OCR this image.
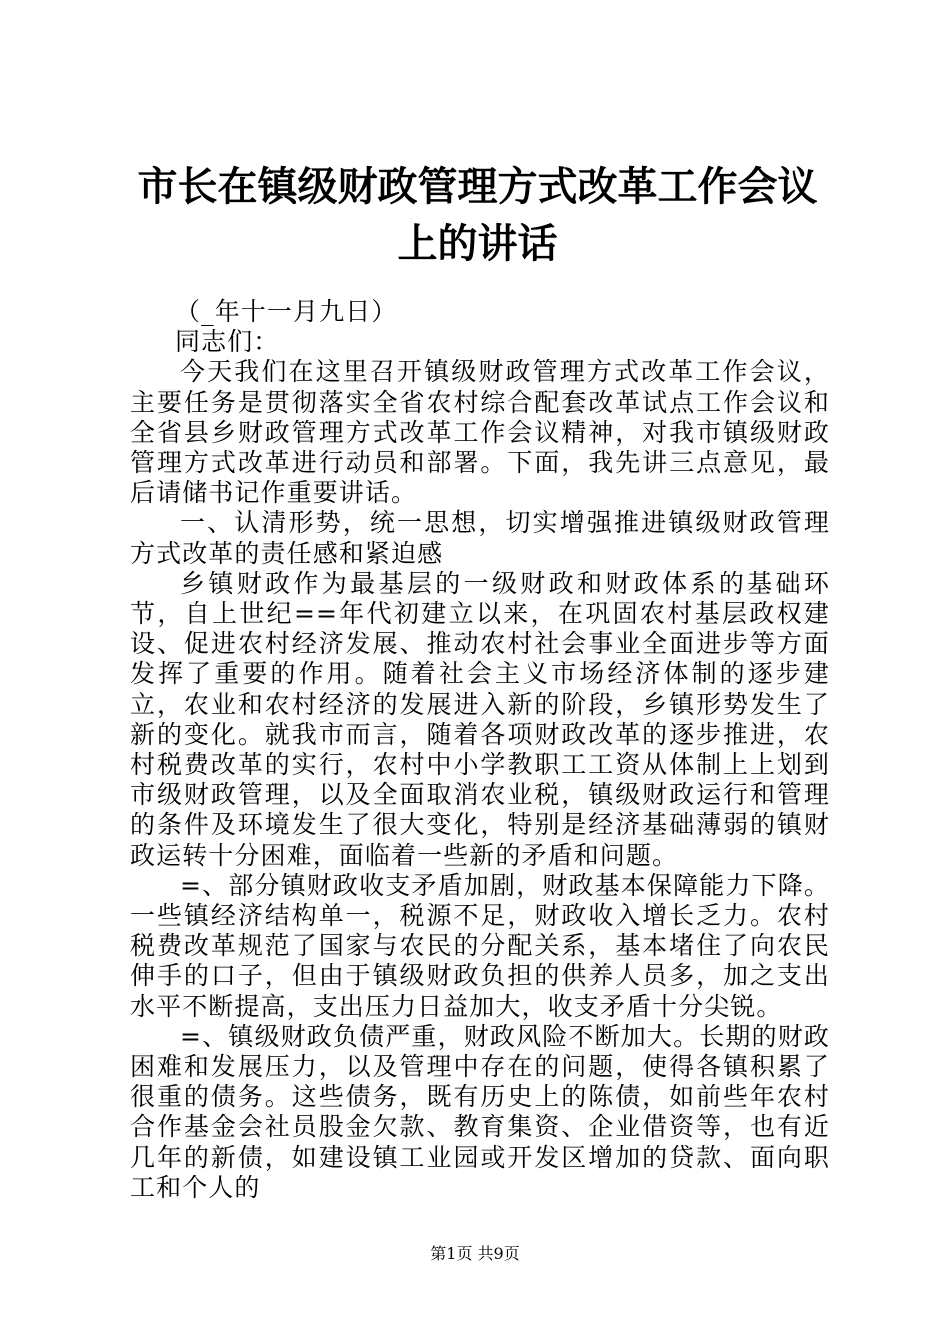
市长在镇级财政管理方式改革工作会议上的讲话

（_年十一月九日）

同志们：

今天我们在这里召开镇级财政管理方式改革工作会议，主要任务是贯彻落实全省农村综合配套改革试点工作会议和全省县乡财政管理方式改革工作会议精神，对我市镇级财政管理方式改革进行动员和部署。下面，我先讲三点意见，最后请储书记作重要讲话。

一、认清形势，统一思想，切实增强推进镇级财政管理方式改革的责任感和紧迫感

乡镇财政作为最基层的一级财政和财政体系的基础环节，自上世纪==年代初建立以来，在巩固农村基层政权建设、促进农村经济发展、推动农村社会事业全面进步等方面发挥了重要的作用。随着社会主义市场经济体制的逐步建立，农业和农村经济的发展进入新的阶段，乡镇形势发生了新的变化。就我市而言，随着各项财政改革的逐步推进，农村税费改革的实行，农村中小学教职工工资从体制上上划到市级财政管理，以及全面取消农业税，镇级财政运行和管理的条件及环境发生了很大变化，特别是经济基础薄弱的镇财政运转十分困难，面临着一些新的矛盾和问题。

=、部分镇财政收支矛盾加剧，财政基本保障能力下降。一些镇经济结构单一，税源不足，财政收入增长乏力。农村税费改革规范了国家与农民的分配关系，基本堵住了向农民伸手的口子，但由于镇级财政负担的供养人员多，加之支出水平不断提高，支出压力日益加大，收支矛盾十分尖锐。

=、镇级财政负债严重，财政风险不断加大。长期的财政困难和发展压力，以及管理中存在的问题，使得各镇积累了很重的债务。这些债务，既有历史上的陈债，如前些年农村合作基金会社员股金欠款、教育集资、企业借资等，也有近几年的新债，如建设镇工业园或开发区增加的贷款、面向职工和个人的

第1页 共9页
